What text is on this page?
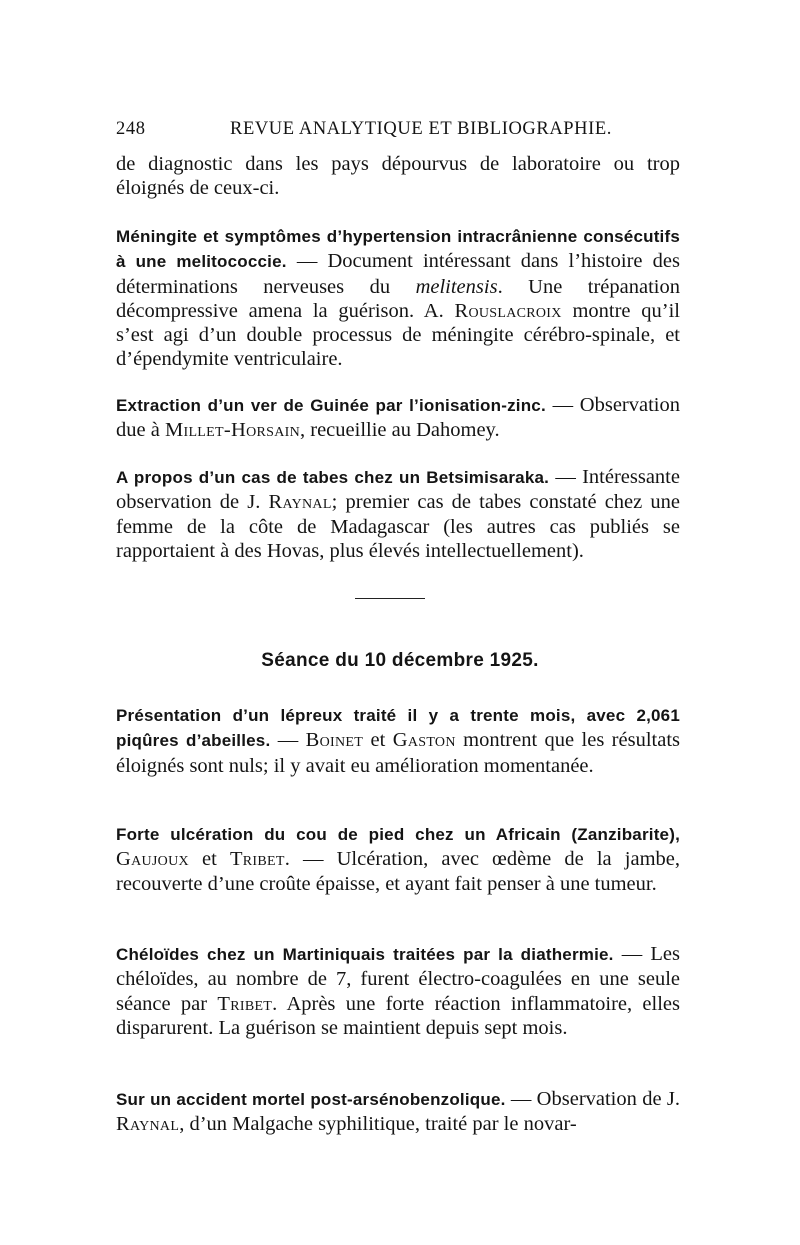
248	REVUE ANALYTIQUE ET BIBLIOGRAPHIE.

de diagnostic dans les pays dépourvus de laboratoire ou trop éloignés de ceux-ci.

Méningite et symptômes d’hypertension intracrânienne consécutifs à une melitococcie. — Document intéressant dans l’histoire des déterminations nerveuses du melitensis. Une trépanation décompressive amena la guérison. A. Rouslacroix montre qu’il s’est agi d’un double processus de méningite cérébro-spinale, et d’épendymite ventriculaire.

Extraction d’un ver de Guinée par l’ionisation-zinc. — Observation due à Millet-Horsain, recueillie au Dahomey.

A propos d’un cas de tabes chez un Betsimisaraka. — Intéressante observation de J. Raynal; premier cas de tabes constaté chez une femme de la côte de Madagascar (les autres cas publiés se rapportaient à des Hovas, plus élevés intellectuellement).

Séance du 10 décembre 1925.

Présentation d’un lépreux traité il y a trente mois, avec 2,061 piqûres d’abeilles. — Boinet et Gaston montrent que les résultats éloignés sont nuls; il y avait eu amélioration momentanée.

Forte ulcération du cou de pied chez un Africain (Zanzibarite), Gaujoux et Tribet. — Ulcération, avec œdème de la jambe, recouverte d’une croûte épaisse, et ayant fait penser à une tumeur.

Chéloïdes chez un Martiniquais traitées par la diathermie. — Les chéloïdes, au nombre de 7, furent électro-coagulées en une seule séance par Tribet. Après une forte réaction inflammatoire, elles disparurent. La guérison se maintient depuis sept mois.

Sur un accident mortel post-arsénobenzolique. — Observation de J. Raynal, d’un Malgache syphilitique, traité par le novar-
